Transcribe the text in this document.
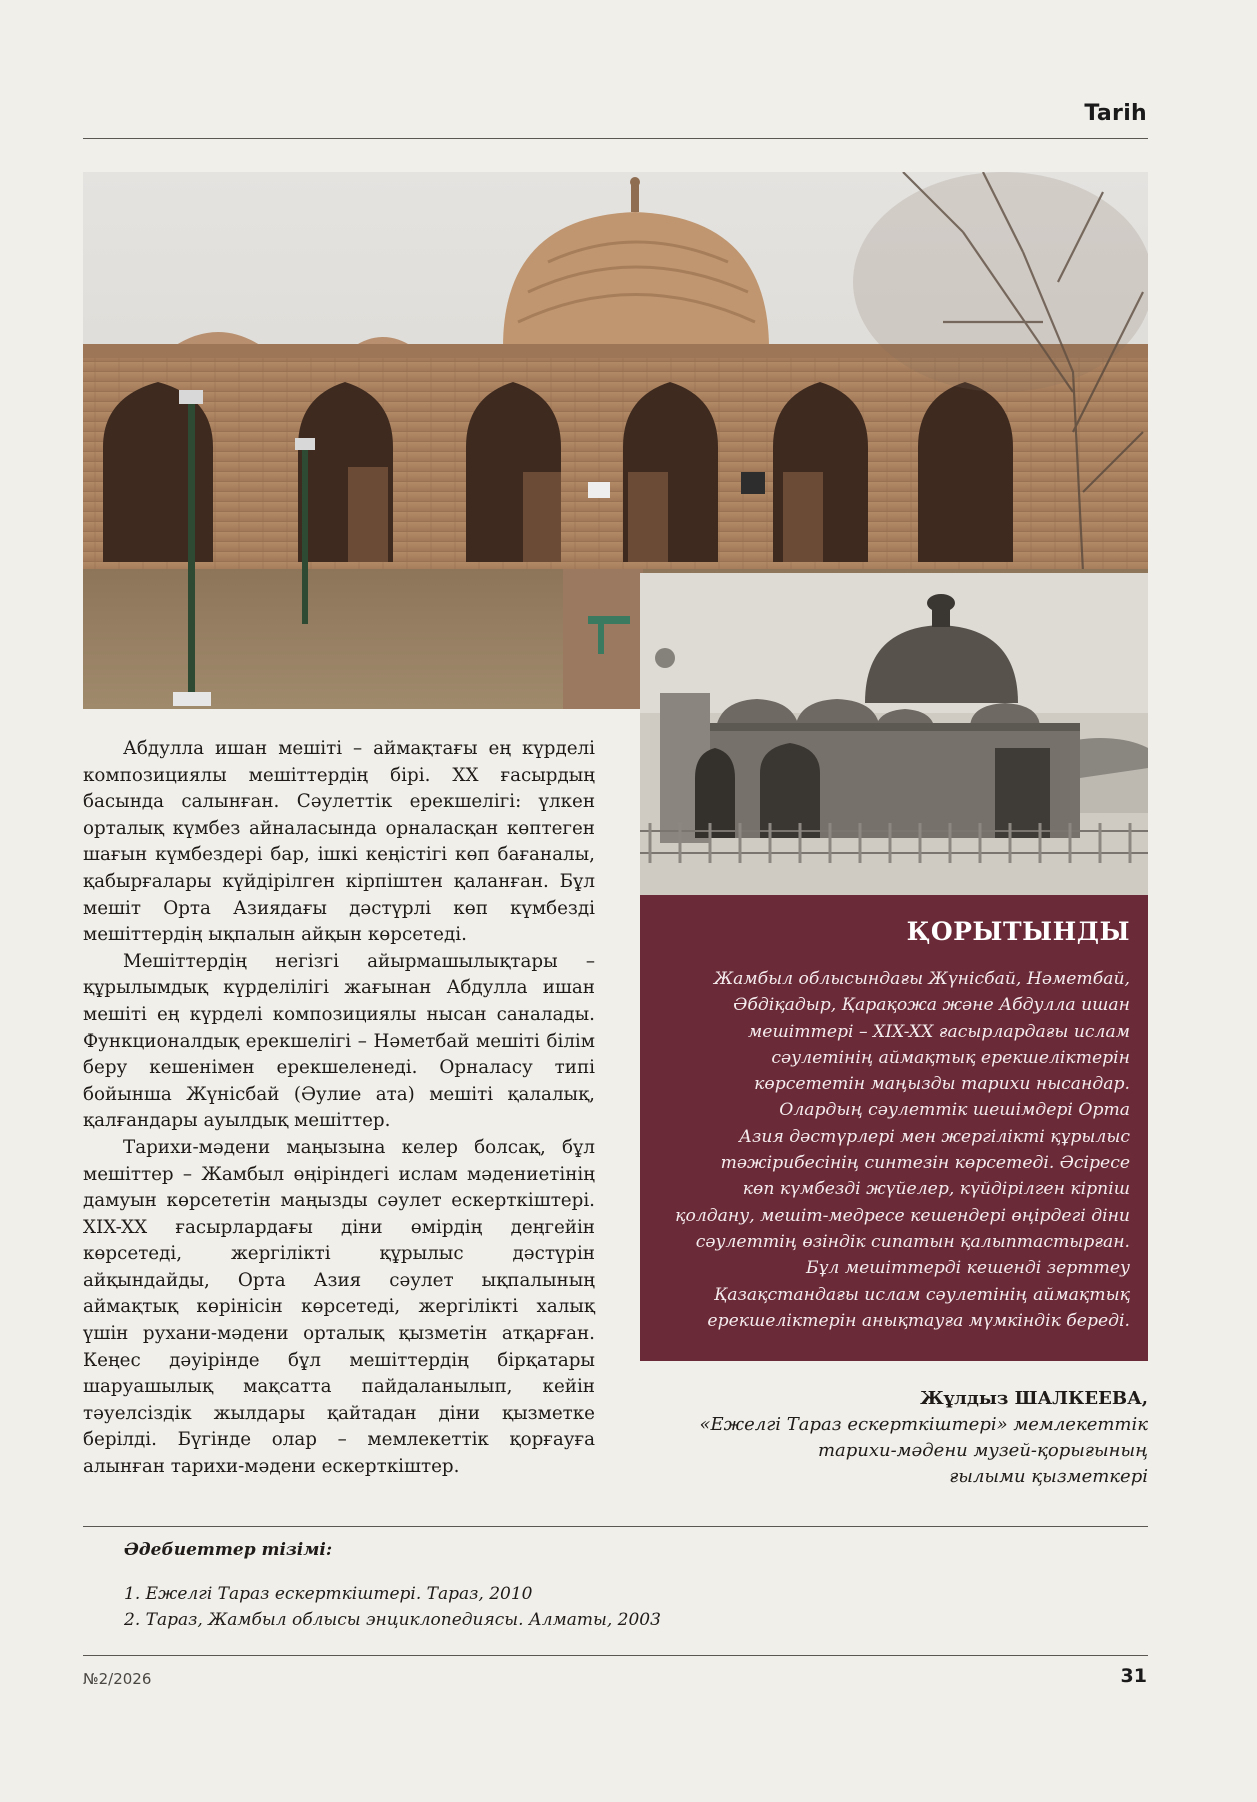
Tarih

Абдулла ишан мешіті – аймақтағы ең күрделі композициялы мешіттердің бірі. XX ғасырдың басында салынған. Сәулеттік ерекшелігі: үлкен орталық күмбез айналасында орналасқан көптеген шағын күмбездері бар, ішкі кеңістігі көп бағаналы, қабырғалары күйдірілген кірпіштен қаланған. Бұл мешіт Орта Азиядағы дәстүрлі көп күмбезді мешіттердің ықпалын айқын көрсетеді.

Мешіттердің негізгі айырмашылықтары – құрылымдық күрделілігі жағынан Абдулла ишан мешіті ең күрделі композициялы нысан саналады. Функционалдық ерекшелігі – Нәметбай мешіті білім беру кешенімен ерекшеленеді. Орналасу типі бойынша Жүнісбай (Әулие ата) мешіті қалалық, қалғандары ауылдық мешіттер.

Тарихи-мәдени маңызына келер болсақ, бұл мешіттер – Жамбыл өңіріндегі ислам мәдениетінің дамуын көрсететін маңызды сәулет ескерткіштері. XIX-XX ғасырлардағы діни өмірдің деңгейін көрсетеді, жергілікті құрылыс дәстүрін айқындайды, Орта Азия сәулет ықпалының аймақтық көрінісін көрсетеді, жергілікті халық үшін рухани-мәдени орталық қызметін атқарған. Кеңес дәуірінде бұл мешіттердің бірқатары шаруашылық мақсатта пайдаланылып, кейін тәуелсіздік жылдары қайтадан діни қызметке берілді. Бүгінде олар – мемлекеттік қорғауға алынған тарихи-мәдени ескерткіштер.

ҚОРЫТЫНДЫ
Жамбыл облысындағы Жүнісбай, Нәметбай,
Әбдіқадыр, Қарақожа және Абдулла ишан
мешіттері – XIX-XX ғасырлардағы ислам
сәулетінің аймақтық ерекшеліктерін
көрсететін маңызды тарихи нысандар.
Олардың сәулеттік шешімдері Орта
Азия дәстүрлері мен жергілікті құрылыс
тәжірибесінің синтезін көрсетеді. Әсіресе
көп күмбезді жүйелер, күйдірілген кірпіш
қолдану, мешіт-медресе кешендері өңірдегі діни
сәулеттің өзіндік сипатын қалыптастырған.
Бұл мешіттерді кешенді зерттеу
Қазақстандағы ислам сәулетінің аймақтық
ерекшеліктерін анықтауға мүмкіндік береді.
Жұлдыз ШАЛКЕЕВА,
«Ежелгі Тараз ескерткіштері» мемлекеттік
тарихи-мәдени музей-қорығының
ғылыми қызметкері
Әдебиеттер тізімі:
1. Ежелгі Тараз ескерткіштері. Тараз, 2010
2. Тараз, Жамбыл облысы энциклопедиясы. Алматы, 2003
№2/2026	31
